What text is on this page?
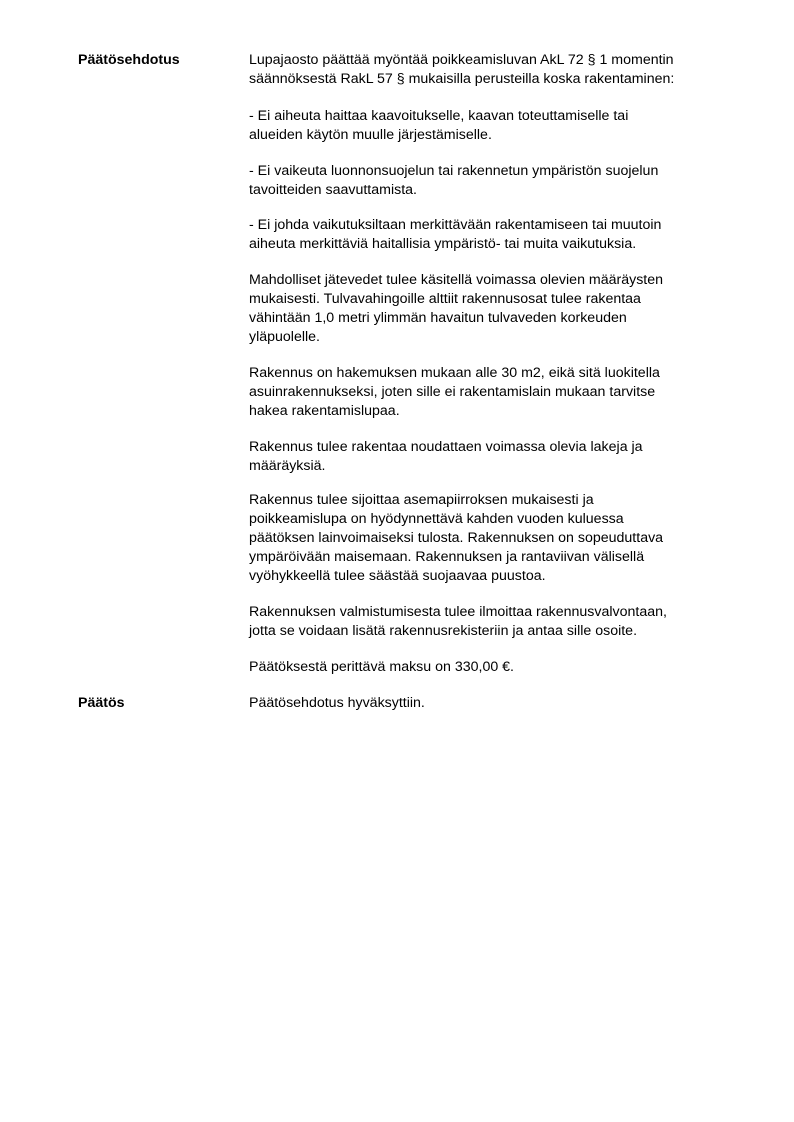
Päätösehdotus	Lupajaosto päättää myöntää poikkeamisluvan AkL 72 § 1 momentin

säännöksestä RakL 57 § mukaisilla perusteilla koska rakentaminen:

- Ei aiheuta haittaa kaavoitukselle, kaavan toteuttamiselle tai

alueiden käytön muulle järjestämiselle.

- Ei vaikeuta luonnonsuojelun tai rakennetun ympäristön suojelun

tavoitteiden saavuttamista.

- Ei johda vaikutuksiltaan merkittävään rakentamiseen tai muutoin

aiheuta merkittäviä haitallisia ympäristö- tai muita vaikutuksia.

Mahdolliset jätevedet tulee käsitellä voimassa olevien määräysten

mukaisesti. Tulvavahingoille alttiit rakennusosat tulee rakentaa

vähintään 1,0 metri ylimmän havaitun tulvaveden korkeuden

yläpuolelle.

Rakennus on hakemuksen mukaan alle 30 m2, eikä sitä luokitella

asuinrakennukseksi, joten sille ei rakentamislain mukaan tarvitse

hakea rakentamislupaa.

Rakennus tulee rakentaa noudattaen voimassa olevia lakeja ja

määräyksiä.

Rakennus tulee sijoittaa asemapiirroksen mukaisesti ja

poikkeamislupa on hyödynnettävä kahden vuoden kuluessa

päätöksen lainvoimaiseksi tulosta. Rakennuksen on sopeuduttava

ympäröivään maisemaan. Rakennuksen ja rantaviivan välisellä

vyöhykkeellä tulee säästää suojaavaa puustoa.

Rakennuksen valmistumisesta tulee ilmoittaa rakennusvalvontaan,

jotta se voidaan lisätä rakennusrekisteriin ja antaa sille osoite.

Päätöksestä perittävä maksu on 330,00 €.

Päätös	Päätösehdotus hyväksyttiin.
